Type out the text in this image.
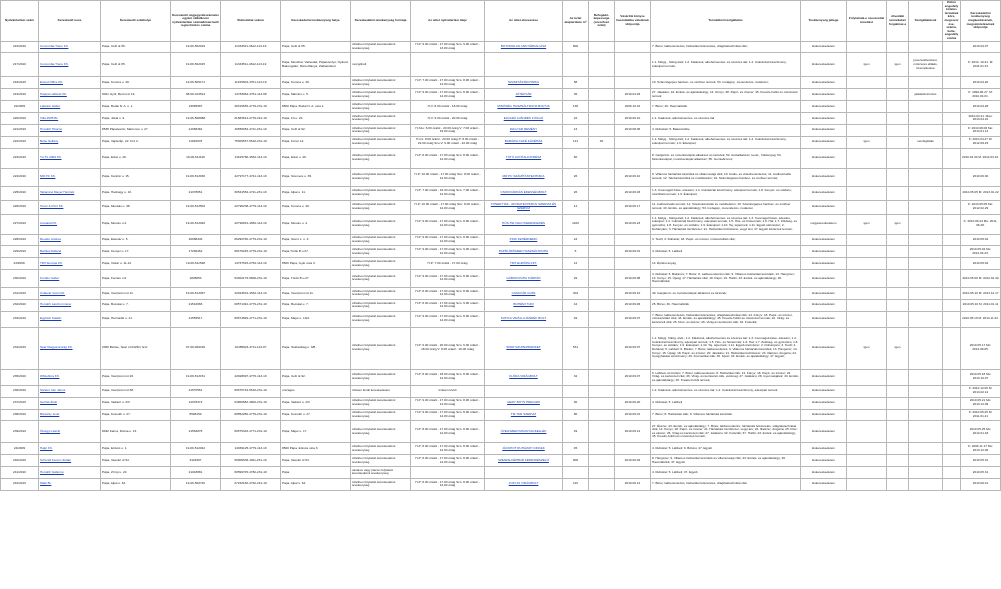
Nyilvántartási szám	Kereskedő neve	Kereskedő székhelye	Kereskedő cégjegyzékszáma/ev egyéni vállalkozói nyilvántartási száma/kistermelő regisztrációs száma	Statisztikai száma	Kereskedelmi tevékenység helye	Kereskedelmi tevékenység formája	Az üzlet nyitvatartási ideje	Az üzlet elnevezése	Az üzlet alapterülete m²	Befogadó-képessége (szeszfozó üzlet)	Vásárlók könyve használatba vételének időpontja	Termékkör/szolgáltatás	Tevékenység jellege	Folytatnak-e szeszesital árusítást	Jövedéki termékeket forgalmaz-e	Szolgáltatások	Külön engedélyköteles termékek köre, megszerzése, száma, kelte, engedély száma	Kereskedelmi tevékenység megkezdésének, megszüntetésének időpontja
216/2010	Concordia-Trans Kft.	Pápa, Celli út 65.	19-09-502019	11333511-4612-113-19	Pápa, Celli út 65.	üzletben folytatott kereskedelmi tevékenység	H-P: 9.00 órától - 17.00 óráig Szo: 9.00 órától - 13.00 óráig	BOTOROLAS ANKTÁRRAL/ÁSZ	800			7. Bútor, lakberendezés, háztartási felszerelés, világítástechnikai cikk;	kiskereskedelem					2010.04.07
217/2010	Concordia-Trans Kft.	Pápa, Celli út 65.	19-09-502015	11333511-4612-113-19	Pápa, Mosóhat, Vaksétád, Pápasomlyó, Nyáréd, Bakonyjákó, Németbánya, Zalkaszalod	mozgóbolt						1.1. Mélyg., hűtőg.élelt; 1.2. Kalácsok, alkoholmentes- és szeszes ital; 1.4. Cukrászati készítmény, édesipari termék;	kiskereskedelem	igen	igen	jóvezsokbetörési, műszeres ellátás, üzemeltetése		K: 2010. 10.31. M: 2011.01.31
218/2010	Essed Office Kft.	Pápa, Korona u. 49.	19-09-505171	11915604-4761-113-19	Pápa, Korona u. 49.	üzletben folytatott kereskedelmi tevékenység	H-P: 7.00 órától - 17.00 óráig Szo: 8.00 órától - 12.00 óráig	SZAMITÁSTECHNIKA	58			10. Számítógépes hardver- és szoftver termék; 53. Irodagép, -berendezés, irodaszer;	kiskereskedelem					2010.04.20
219/2010	Papipa Lábbuki Kft.	9021 Győr, Bercsi út 19.	08-09-013514	14783964-4761-113-08	Pápa, Március u. 5.	üzletben folytatott kereskedelmi tevékenység	H-P: 9.00 órától - 17.00 óráig Szo: 8.00 órától - 12.00 óráig	JÁTÉKVÁR	35		2010.04.26	27. Játékáru; 43. Emlék- és ajándéktárgy; 14. Könyv; 38. Papír- és írószer; 45. Kreatív-hobbi és művészeti termék	kiskereskedelem			játékkölcsönzés		K: 1999.06.27. M: 2010.04.01.
22/2009	Lakatos Gábor	Pápa, Budai N. A. u. 1.	19065587	40315635-4779-231-19	8500 Pápa, Budai N. A. utca 1.	üzletben folytatott kereskedelmi tevékenység	H-V: 8.00 órától - 18.00 óráig	MINŐSÉG HASZNÁLTRUHA BOLTJA	130		2009.10.16	7. Bútor; 46. Használtcikk	kiskereskedelem					2010.04.28
220/2010	Villa 2005 Bt.	Pápa, Jókai u. 9.	19-06-508088	21583614-4779-212-19	Pápa, Fő u. 23.	üzletben folytatott kereskedelmi tevékenység	H-V: 9.00 órától - 20.00 óráig	ELDARÁ AJÁNDÉK FÜGGŐ	22		2010.09.10	1.1. Kalácsok, alkoholmentes- és szeszes ital	kiskereskedelem					2010.04.21. Mau: 2013.04.10
221/2010	Horváth Tiborné	8538 Pápateszér, Martonos u. 27.	21068481	40556054-4711-231-19	Pápa, Celli út 92.	üzletben folytatott kereskedelmi tevékenység	H-Szo: 6.00 órától - 20.00 óráig V: 7.00 órától - 19.00 óráig	MAGYAR REMÉNY	13		2010.08.06	4. Ruházati; 5. Bakancsféle	kiskereskedelem					K: 2010.08.06 Mo: 2013.01.14
222/2010	Bebe Sollány	Pápa, Vajda Ép. 22. Fsz.2.	11049078	75309537-5610-231-19	Pápa, Fő tér 12.	üzletben folytatott kereskedelmi tevékenység	H-Cs: 8.00 órától - 20.00 óráig P: 8.00 órától - 22.00 óráig Szo-V: 9.00 órától - 22.00 óráig	BARÁZIA CAFÉ KÁVÉHÁZ	121	40		1.1. Mélyg., hűtőg.élelt; 1.2. Kalácsok, alkoholmentes- és szeszes ital; 1.4. Cukrászati készítmény, édesipari termék; 1.9. Édesipari;	kiskereskedelem	igen		vendéglátás		K: 2010.04.27 M: 2012.09.23
223/2010	Tü-Tü 2009 Kft.	Pápa, Erkel u. 49.	19-09-511126	14615780-4532-113-19	Pápa, Erkel u. 49.	üzletben folytatott kereskedelmi tevékenység	H-P: 8.00 órától - 17.00 óráig Szo: 8.00 órától - 12.00 óráig	TÜTÜ AUTÓALKATRÉSZ	60			8. Gépjármű- és motorkerékpár-alkatrész és tartozék; 52. Autóalkatrész, kenő-, hűtőanyag; 54. Motorkerékpár, motorkerékpár-alkatrész; 55. Gumiabroncs;	kiskereskedelem					2010.04.30 M: 2014.03.10.
224/2010	MR PC Kft.	Pápa, Kanizsi u. 15.	19-09-513036	22797177-4741-113-19	Pápa, Szemere u. 35.	üzletben folytatott kereskedelmi tevékenység	H-P: 10.00 órától - 17.00 óráig Szo: 8.00 órától - 12.00 óráig	MR PC SZÁMÍTÁSTECHNIKA	26		2010.06.10	9. Villamos háztartási készülék és villamossági cikk; 10. Audio- és videóberendezés; 11. Audiovizuális termék; 12. Telefonkészülék és mobiltelefon; 19. Számítógépes hardver- és szoftver termék;	kiskereskedelem					2010.06.30
225/2010	Takácsné Mayer Henriett	Pápa, Hadnagy u. 10.	21378651	60541552-4711-231-19	Pápa, Ajkai u. 11.	üzletben folytatott kereskedelmi tevékenység	H-P: 7.00 órától - 16.30 óráig Szo: 7.00 órától - 12.00 óráig	CSOKIVÁRDÁS ÉDESSÉGBOLT	26		2010.06.03	1.3. Csomagolt Kávé, édesáru; 1.4. Cukrászati készítmény, édesipari termék; 1.8. Kenyér- és sütőáru; szárítható termék; 1.9. Édesipari;	kiskereskedelem					2010.05.05 M: 2013.01.22
226/2010	Tonér & Print Kft.	Pápa, Munkás u. 38.	19-09-513502	22790238-4779-113-19	Pápa, Korona u. 49.	üzletben folytatott kereskedelmi tevékenység	H-P: 10.00 órától - 17.00 óráig Szo: 8.00 órától - 12.00 óráig	TONER HÁZ - IRODATECHNIKAI SZERVIZ ÉS SZERVIZ	14		2010.06.17	11. Audiovizuális termék; 12. Telefonkészülék és mobiltelefon; 19. Számítógépes hardver- és szoftver termék; 43. Emlék- és ajándéktárgy; 53. Irodagép, -berendezés, irodaszer	kiskereskedelem					K: 2010.05.05 Mo: 2012.02.29
227/2010	Aranátal Kft.	Pápa, Mosolo u.4.	19-09-513040	22790812-4652-113-19	Pápa, Mosolo u. 4.	üzletben folytatott kereskedelmi tevékenység	H-P: 9.00 órától - 17.00 óráig Szo: 8.00 órától - 12.00 óráig	HŰS-TEI NAGYKERESKEDÉS	1100		2010.06.23	1.1. Mélyg., hűtőg.élelt; 1.2. Kalácsok, alkoholmentes- és szeszes ital; 1.3. Csomagolt kávé, édesáru, édesipar; 1.4. Cukrászati készítmény, édesipari termék; 1.5. Hús- és hústermék; 1.6. Hal; 1.7. Zöldség- és gyümölcs; 1.8. Kenyér- és sütőáru; 1.9. Édesipari; 1.10. Tej, tejtermék; 1.11. Egyéb élelmiszer; 2. Dohányáru; 3. Háztartási tisztítószer; 21. Háztartási tisztítószer, vegyi áru; 47. Egyéb közérzeti termék;	nagykereskedelem	igen	igen			K: 2010.06.23 Mo: 2011. 06.28.
228/2010	Render Andrea	Pápa, Eleusár u. 5.	20088446	66290760-4779-231-19	Pápa, Szent L. u. 3.	üzletben folytatott kereskedelmi tevékenység	H-P: 9.00 órától - 17.00 óráig Szo: 8.00 órától - 12.00 óráig	PINK FEHÉRNEMŰ	24			3. Textil; 4. Ruházat; 18. Papír- és írószer, művészellátó cikk;	kiskereskedelem					2010.05.04
229/2010	Baróka Rolland	Pápa, Kenyér u. 17.	17296462	66475245-4779-231-19	Pápa,Török B.u.27.	üzletben folytatott kereskedelmi tevékenység	H-P: 9.00 órától - 17.00 óráig Szo: 9.00 órától - 12.00 óráig	PAPÍR-ÍRÓSZER HASZNÁLTRUHA	6		2010.09.01	4. Ruházat; 5. Lábbeli	kiskereskedelem					2010.05.04 Mo: 2012.04.23.
23/2009.	TMT Európa Kft.	Pápa, Vásár u. 11-14	19-09-511548	14767515-2752-113-19	8500 Pápa, Gyár utca 3.	üzletben folytatott kereskedelmi tevékenység	H-P: 7.00 órától - 17.00 óráig	TMT EURÓPA KFT.	12			14. Építési anyag	kiskereskedelem					2010.05.04
230/2010	Kordós Gábor	Pápa, Fecske u.9.	1838653	54302179-9609-231-19	Pápa, Török B.u.27.	üzletben folytatott kereskedelmi tevékenység	H-P: 9.00 órától - 17.00 óráig Szo: 8.00 órától - 12.00 óráig	GÁBOR RUHA KÁRPÁD	29		2010.09.08	4. Ruházat; 5. Bakancs; 7. Bútor; 8. Lakberendezési cikk; 9. Villamos háztartási készülék; 13. Hangszer; 14. Könyv; 15. Újság; 17. Háztartási cikk; 18. Papír; 19. Hobbi; 43. Emlék- és ajándéktárgy; 46. Használtcikk;	kiskereskedelem					2010.05.06 M: 2012.01.30
231/2010	Csákvár Gumi Kft.	Pápa, Veszprémi út 11.	19-09-513097	22923631-4532-113-19	Pápa, Veszprémi út 11.	üzletben folytatott kereskedelmi tevékenység	H-P: 8.00 órától - 17.00 óráig Szo: 8.00 órától - 12.00 óráig	CSÁKVÁR GUMI	304		2010.09.10	49. Gépjármű- és motorkerékpár-alkatrész és tartozék;	kiskereskedelem					2010.05.10 M: 2013.12.17
232/2010	Horváth László Imréné	Pápa, Bocskai u. 7.	21544666	60571491-4779-231-19	Pápa, Bocskai u. 7.	üzletben folytatott kereskedelmi tevékenység	H-P: 8.00 órától - 17.00 óráig Szo: 9.00 órától - 12.00 óráig	BOHÉMI TURI	44		2010.09.06	25. Bizsu; 46. Használtcikk	kiskereskedelem					2010.05.10 M: 2011.01.11
233/2010	Egyházi Katalin	Pápa, Harmadik u. 41.	21555517	60574829-4771-231-19	Pápa, Major u. 13/A	üzletben folytatott kereskedelmi tevékenység	H-P: 9.00 órától - 17.00 óráig Szo: 8.00 órától - 12.00 óráig	KATICA VIRÁG-AJÁNDÉK BOLT	49		2010.09.07	7. Bútor, lakberendezés, háztartási felszerelés, világítástechnikai cikk; 14. Könyv; 18. Papír- és írószer, művészellátó cikk; 43. Emlék- és ajándéktárgy; 45. Kreatív-hobbi és művészeti termék; 22. Virág- és kertészeti cikk; 25. Dísz- és ékszer; 26. Virág és kertészeti cikk; 32. Fotócikk;	kiskereskedelem					2010.05.10 M: 2014.11.22.
234/2010	Spar Magyarország Kft.	2060 Bicske, Spar út 0326/1 hrsz	07-09-009190	10485824-4711-113-07	Pápa, Szabadság u. 3/B	üzletben folytatott kereskedelmi tevékenység	H-P: 6.00 órától - 20.00 óráig Szo: 6.30 órától - 18.00 óráig V: 8.00 órától - 16.00 óráig	SPAR SZUPERMARKET	531		2010.09.07	1.1. Mélyg. hűtőg. élelt.; 1.2. Kalácsok, alkoholmentes és szeszes ital; 1.3. Csomagolt kávé, édesáru; 1.4. Cukrászati készítmény, édesipari termék; 1.5. Hús- és hústermék; 1.6. Hal; 1.7. Zöldség- és gyümölcs; 1.8. Kenyér- és sütőáru; 1.9. Édesipari; 1.10. Tej, tejtermék; 1.11. Egyéb élelmiszer; 2. Dohányáru; 3. Textil; 4. Ruházat; 5. Lábbeli; 6. Bőráru; 7. Bútor, lakberendezés; 9. Villamos háztartási készülék; 13. Hangszer; 14. Könyv; 15. Újság; 18. Papír- és írószer; 20. Játékáru; 21. Háztartási tisztítószer; 23. Illatszer, drogéria; 24. Gyógyhatású készítmény; 29. Kozmetikai cikk; 30. Sport; 43. Emlék- és ajándéktárgy; 47. Egyéb;	kiskereskedelem	igen	igen			2010.05.17 Mo: 2014.09.05.
235/2010	Whiteflora Kft.	Pápa, Veszprémi út 20.	19-09-513151	22928697-4776-113-19	Pápa, Celli út 92.	üzletben folytatott kereskedelmi tevékenység	H-P: 8.00 órától - 18.00 óráig Szo: 8.00 órától - 12.00 óráig	FLÓRA VIRÁGBOLT	32		2010.09.07	6. Lábbeli- és bőráru; 7. Bútor, lakberendezés; 8. Háztartási cikk; 14. Könyv; 18. Papír- és írószer; 22. Virág- és kertészeti cikk; 26. Virág- és kertészeti cikk, vetőmag; 27. Játékáru; 28. Gyermekjáték; 43. Emlék- és ajándéktárgy; 45. Kreatív-hobbi termék;	kiskereskedelem					2010.05.18 Mo: 2013.10.07
236/2010	Sándor Irén János	Pápa, Veszprémi út 58.	21570561	60575733-5610-231-19	országos	üzleten kívüli kereskedelem	üzleten kívüli					1.2. Kalácsok, alkoholmentes- és szeszes ital; 1.4. Cukrászati készítmény, édesipari termék	kiskereskedelem					K: 2010.12.06 M: 2014.02.12
237/2010	Gerhát Zsolt	Pápa, Vadász u. 2/3	12078472	64960682-4802-231-19	Pápa, Vadász u. 2/3	üzletben folytatott kereskedelmi tevékenység	H-P: 9.00 órától - 17.00 óráig Szo: 8.00 órától - 12.00 óráig	GERY BOYS PREGIZD	30		2010.09.20	4. Ruházat; 5. Lábbeli	kiskereskedelem					2010.05.21 Mo: 2013.12.09
238/2010	Bánszky Jenő	Pápa, Kossuth u. 27.	8508159	60552250-4779-231-19	Pápa, Kossuth u. 27.	üzletben folytatott kereskedelmi tevékenység	H-P: 9.00 órától - 17.00 óráig Szo: 8.00 órától - 12.00 óráig	TM-TAR SZERVIZ	80		2010.06.01	7. Bútor; 8. Háztartási cikk; 9. Villamos háztartási készülék	kiskereskedelem					K: 2010.05.25 M: 2011.01.21
239/2010	Ölvegyi László	8492 Karna, Dózsa u. 13.	21562878	60575433-4771-231-19	Pápa, Major u. 17	üzletben folytatott kereskedelmi tevékenység	H-P: 8.00 órától - 17.00 óráig Szo: 8.00 órától - 12.00 óráig	ÜVEGSZERI MŰANYAGKELLÉK	49		2010.09.14	27. Ékszer; 43. Emlék- és ajándéktárgy; 7. Bútor, lakberendezés, háztartási felszerelés, világítástechnikai cikk; 14. Könyv; 18. Papír- és írószer; 21. Háztartási tisztítószer, vegyi áru; 22. Illatszer, drogéria; 25. Dísz- és ékszer; 26. Virág és kertészeti cikk; 27. Játékáru; 32. Fotócikk; 37. Hobbi; 43. Emlék- és ajándéktárgy; 45. Kreatív-hobbi és művészeti termék;	kiskereskedelem					2010.05.25 Mo: 2012.01.18
24/2009	Haljó Kft.	Pápa, Eötvös u. 1.	19-09-512042	14939125-4779-113-19	8500 Pápa, Eötvös utca 3.	üzletben folytatott kereskedelmi tevékenység	H-P: 8.00 órától - 17.00 óráig Szo: 8.00 órától - 12.00 óráig	JÁCKPOT RUHÁZATI CIKKEK	45			4. Ruházat; 5. Lábbeli; 6. Bőráru; 47. Egyéb	kiskereskedelem					K: 2006.11.17 Mo: 2013.12.06
240/2010	Schmidt Ferenc Zoltán	Pápa, Vasvári út 54.	3424967	50906636-1811-231-19	Pápa, Vasvári út 54.	üzletben folytatott kereskedelmi tevékenység	H-P: 8.00 órától - 17.00 óráig Szo: 8.00 órától - 12.00 óráig	SZENDE FÉRBUR FÉMIDRÉSZELŐ	900		2010.06.02	8. Hangszer; 9. Villamos háztartási készülék és villamossági cikk; 43. Emlék- és ajándéktárgy; 46. Használtcikk; 47. Egyéb	kiskereskedelem					2010.05.31
241/2010	Horváth Gáborné	Pápa, Zrínyi u. 24.	21018881	60599745-4782-231-19	Pápa	vásáron vagy piacon folytatott kereskedelmi tevékenység						4. Ruházat; 5. Lábbeli; 47. Egyéb	kiskereskedelem					2010.05.31
242/2010	Walk Bt.	Pápa, Ajkai u. 64.	19-06-500740	27232166-4762-212-19	Pápa, Ajkai u. 64.	üzletben folytatott kereskedelmi tevékenység	H-P: 8.00 órától - 17.00 óráig Szo: 8.00 órától - 12.00 óráig	JOIN 64 VIRÁGBOLT	110		2010.06.14	7. Bútor, lakberendezés, háztartási felszerelés, világítástechnikai cikk	kiskereskedelem					2010.06.01
